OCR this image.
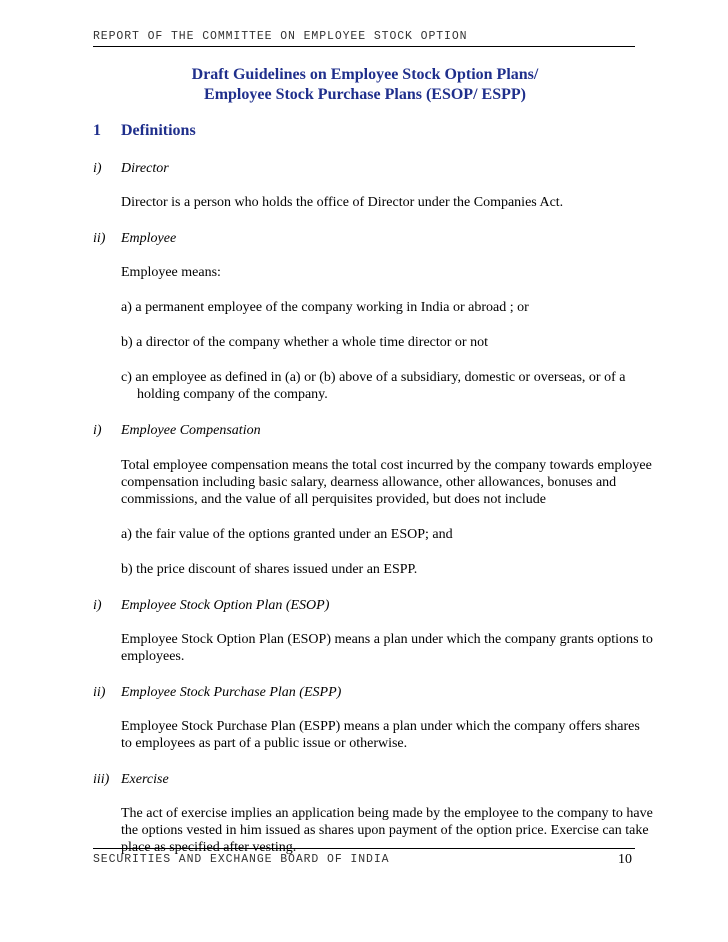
REPORT OF THE COMMITTEE ON EMPLOYEE STOCK OPTION
Draft Guidelines on Employee Stock Option Plans/
Employee Stock Purchase Plans (ESOP/ ESPP)
1 Definitions
i)	Director
Director is a person who holds the office of Director under the Companies Act.
ii)	Employee
Employee means:
a) a permanent employee of the company working in India or abroad ; or
b) a director of the company whether a whole time director or not
c) an employee as defined in (a) or (b) above of a subsidiary, domestic or overseas, or of a holding company of the company.
i)	Employee Compensation
Total employee compensation means the total cost incurred by the company towards employee compensation including basic salary, dearness allowance, other allowances, bonuses and commissions, and the value of all perquisites provided, but does not include
a) the fair value of the options granted under an ESOP; and
b) the price discount of shares issued under an ESPP.
i)	Employee Stock Option Plan (ESOP)
Employee Stock Option Plan (ESOP) means a plan under which the company grants options to employees.
ii)	Employee Stock Purchase Plan (ESPP)
Employee Stock Purchase Plan (ESPP) means a plan under which the company offers shares to employees as part of a public issue or otherwise.
iii) Exercise
The act of exercise implies an application being made by the employee to the company to have the options vested in him issued as shares upon payment of the option price. Exercise can take place as specified after vesting.
SECURITIES AND EXCHANGE BOARD OF INDIA	10
